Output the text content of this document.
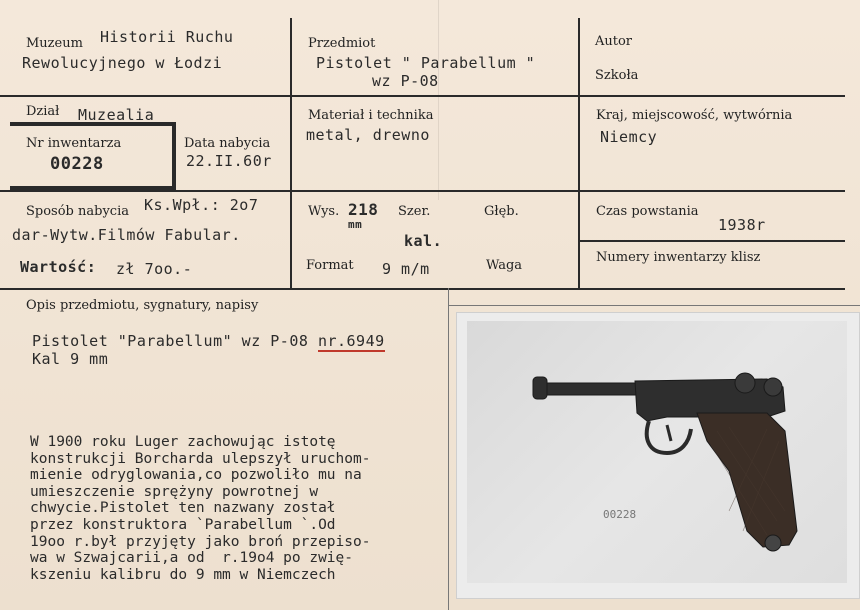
Muzeum Historii Ruchu
Rewolucyjnego w Łodzi
Przedmiot
Pistolet " Parabellum "
wz P-08
Autor
Szkoła
Dział Muzealia
Nr inwentarza
00228
Data nabycia
22.II.60r
Materiał i technika
metal, drewno
Kraj, miejscowość, wytwórnia
Niemcy
Sposób nabycia Ks.Wpł.: 2o7
dar-Wytw.Filmów Fabular.
Wartość: zł 7oo.-
Wys. 218
mm
Szer.
kal.
Głęb.
Format 9 m/m	Waga
Czas powstania
1938r
Numery inwentarzy klisz
Opis przedmiotu, sygnatury, napisy
Pistolet "Parabellum" wz P-08 nr.6949
Kal 9 mm
W 1900 roku Luger zachowując istotę
konstrukcji Borcharda ulepszył uruchom-
mienie odryglowania,co pozwoliło mu na
umieszczenie sprężyny powrotnej w
chwycie.Pistolet ten nazwany został
przez konstruktora `Parabellum `.Od
19oo r.był przyjęty jako broń przepiso-
wa w Szwajcarii,a od  r.19o4 po zwię-
kszeniu kalibru do 9 mm w Niemczech
00228
